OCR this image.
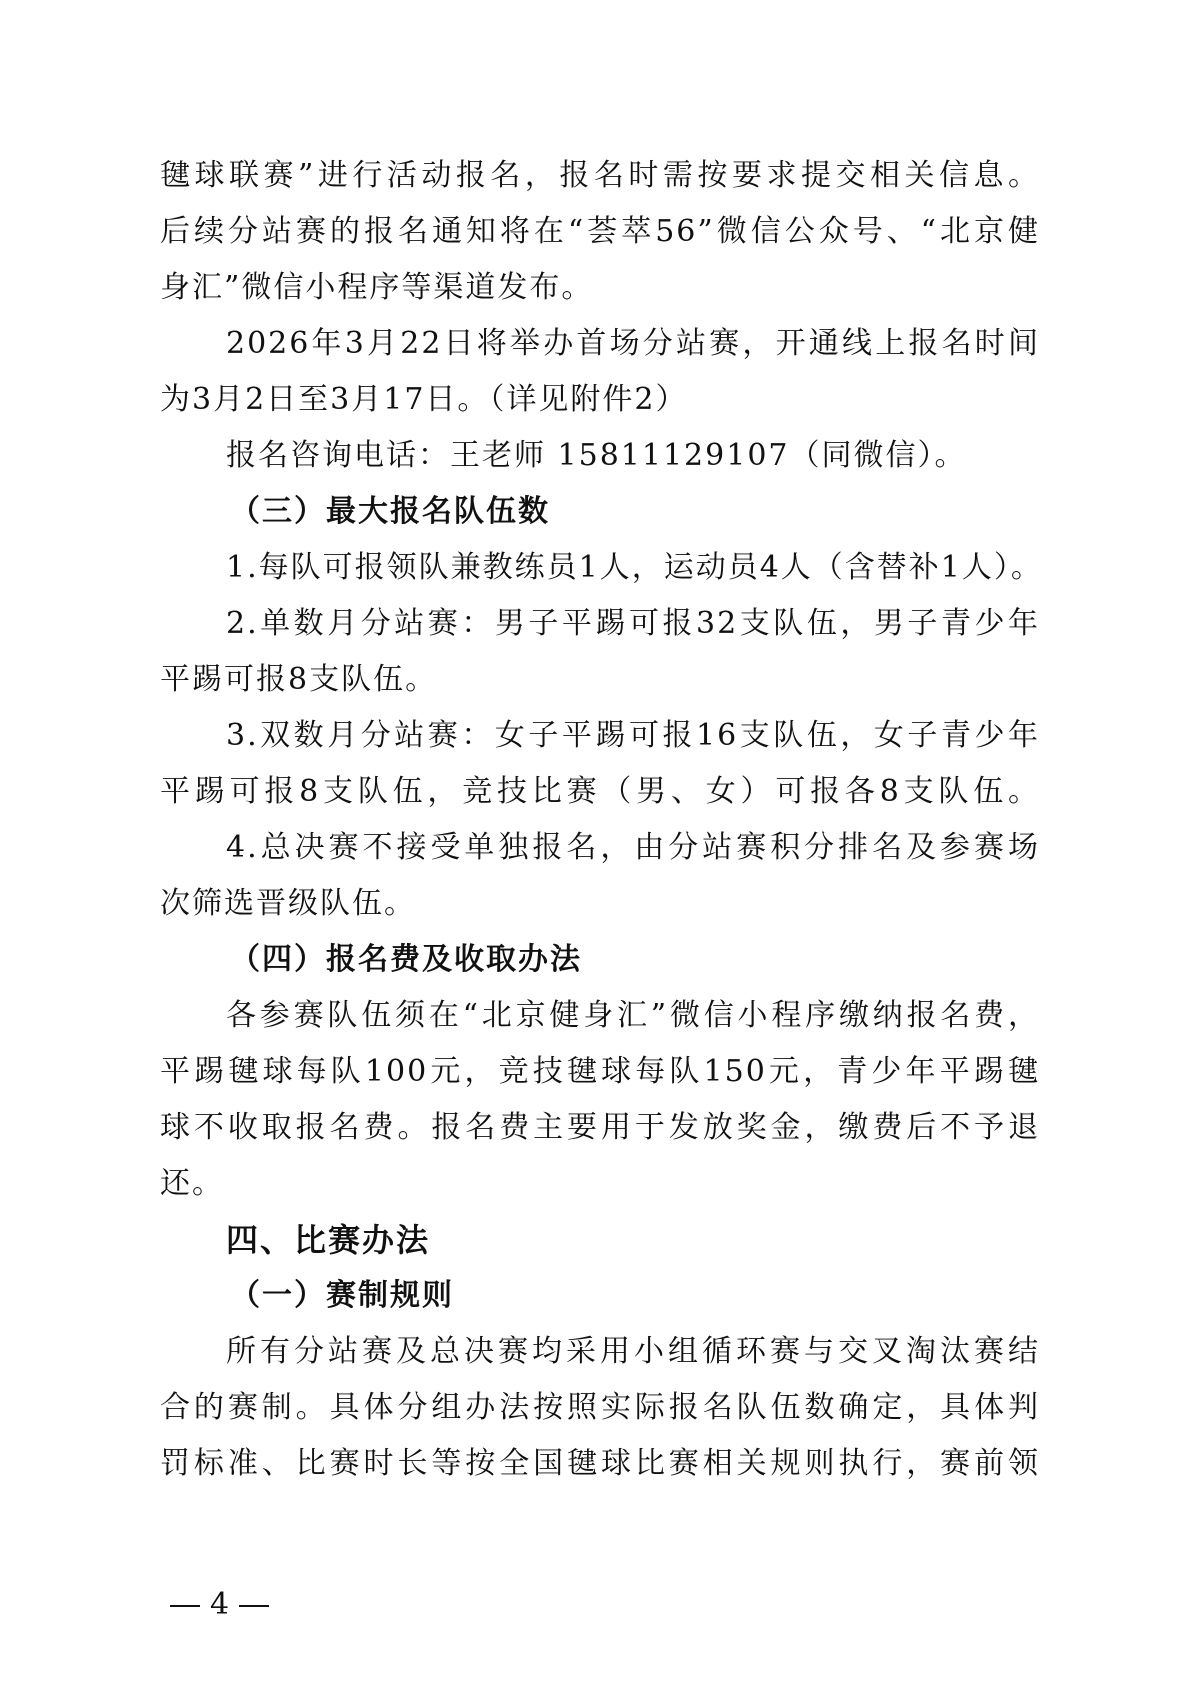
毽球联赛”进行活动报名，报名时需按要求提交相关信息。
后续分站赛的报名通知将在“荟萃56”微信公众号、“北京健
身汇”微信小程序等渠道发布。
2026年3月22日将举办首场分站赛，开通线上报名时间
为3月2日至3月17日。（详见附件2）
报名咨询电话：王老师 15811129107（同微信）。
（三）最大报名队伍数
1.每队可报领队兼教练员1人，运动员4人（含替补1人）。
2.单数月分站赛：男子平踢可报32支队伍，男子青少年
平踢可报8支队伍。
3.双数月分站赛：女子平踢可报16支队伍，女子青少年
平踢可报8支队伍，竞技比赛（男、女）可报各8支队伍。
4.总决赛不接受单独报名，由分站赛积分排名及参赛场
次筛选晋级队伍。
（四）报名费及收取办法
各参赛队伍须在“北京健身汇”微信小程序缴纳报名费，
平踢毽球每队100元，竞技毽球每队150元，青少年平踢毽
球不收取报名费。报名费主要用于发放奖金，缴费后不予退
还。
四、比赛办法
（一）赛制规则
所有分站赛及总决赛均采用小组循环赛与交叉淘汰赛结
合的赛制。具体分组办法按照实际报名队伍数确定，具体判
罚标准、比赛时长等按全国毽球比赛相关规则执行，赛前领
4
